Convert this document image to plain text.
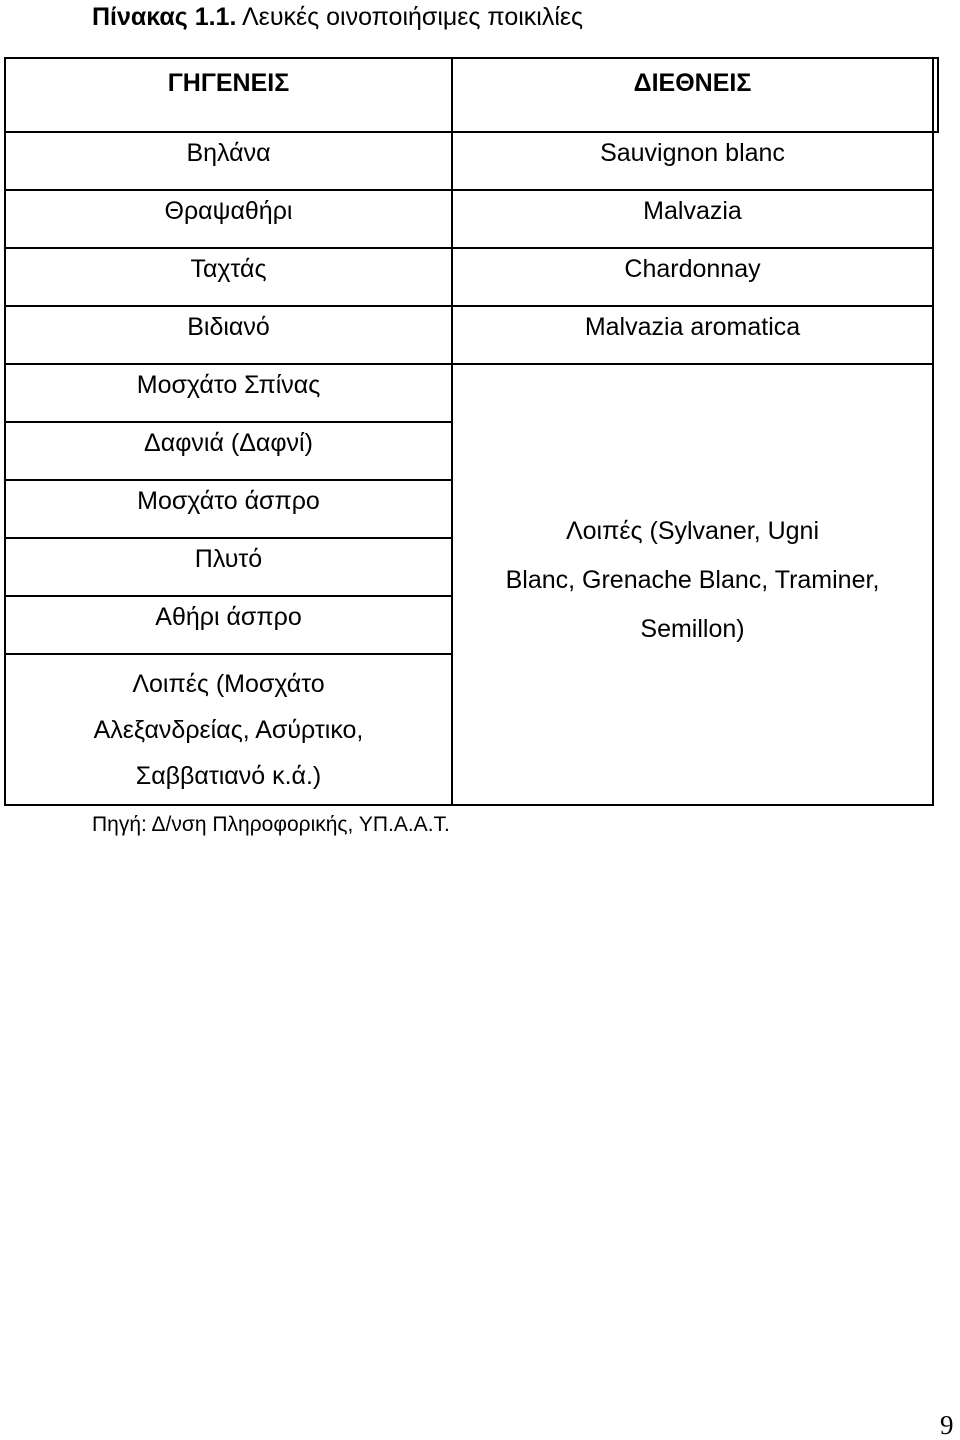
Πίνακας 1.1. Λευκές οινοποιήσιμες ποικιλίες
ΓΗΓΕΝΕΙΣ
Βηλάνα
Θραψαθήρι
Ταχτάς
Βιδιανό
Μοσχάτο Σπίνας
Δαφνιά (Δαφνί)
Μοσχάτο άσπρο
Πλυτό
Αθήρι άσπρο
Λοιπές (Μοσχάτο
Αλεξανδρείας, Ασύρτικο,
Σαββατιανό κ.ά.)
ΔΙΕΘΝΕΙΣ
Sauvignon blanc
Malvazia
Chardonnay
Malvazia aromatica
Λοιπές (Sylvaner, Ugni
Blanc, Grenache Blanc, Traminer,
Semillon)
Πηγή: Δ/νση Πληροφορικής, ΥΠ.Α.Α.Τ.
9
